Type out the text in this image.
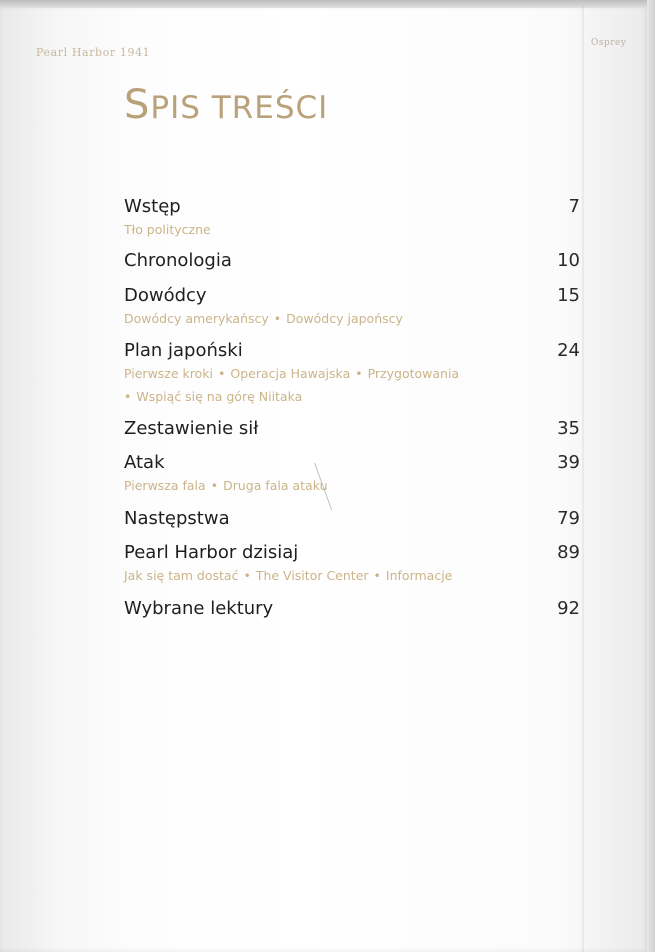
Pearl Harbor 1941
Osprey
SPIS TREŚCI
Wstęp	7
Tło polityczne
Chronologia	10
Dowódcy	15
Dowódcy amerykańscy • Dowódcy japońscy
Plan japoński	24
Pierwsze kroki • Operacja Hawajska • Przygotowania
• Wspiąć się na górę Niitaka
Zestawienie sił	35
Atak	39
Pierwsza fala • Druga fala ataku
Następstwa	79
Pearl Harbor dzisiaj	89
Jak się tam dostać • The Visitor Center • Informacje
Wybrane lektury	92
